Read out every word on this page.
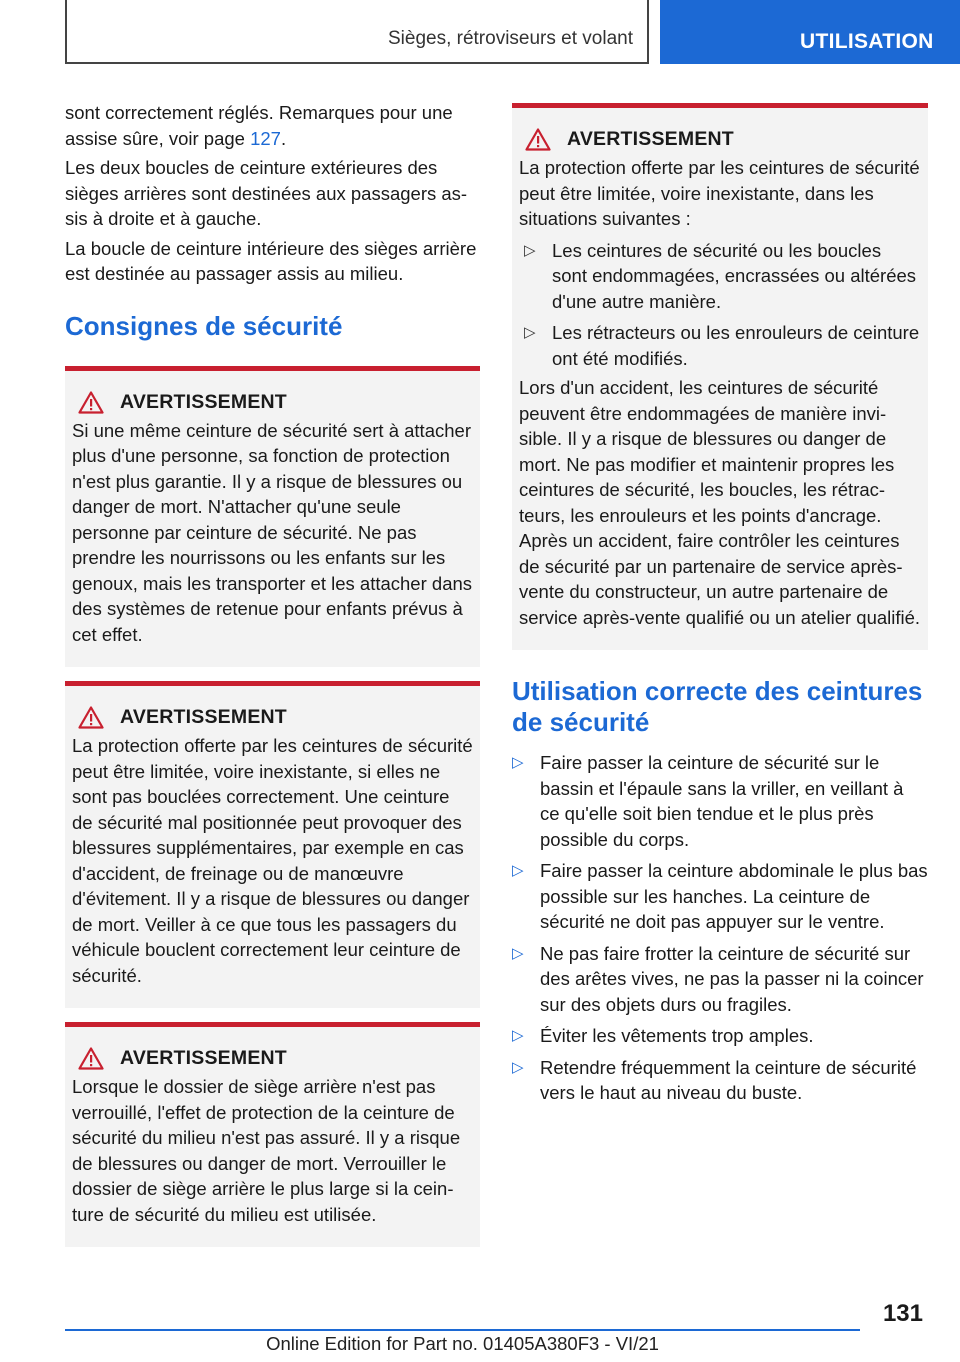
Sièges, rétroviseurs et volant	UTILISATION

sont correctement réglés. Remarques pour une assise sûre, voir page 127.

Les deux boucles de ceinture extérieures des sièges arrières sont destinées aux passagers assis à droite et à gauche.

La boucle de ceinture intérieure des sièges arrière est destinée au passager assis au milieu.

Consignes de sécurité
AVERTISSEMENT

Si une même ceinture de sécurité sert à attacher plus d'une personne, sa fonction de protection n'est plus garantie. Il y a risque de blessures ou danger de mort. N'attacher qu'une seule personne par ceinture de sécurité. Ne pas prendre les nourrissons ou les enfants sur les genoux, mais les transporter et les attacher dans des systèmes de retenue pour enfants prévus à cet effet.

AVERTISSEMENT

La protection offerte par les ceintures de sécurité peut être limitée, voire inexistante, si elles ne sont pas bouclées correctement. Une ceinture de sécurité mal positionnée peut provoquer des blessures supplémentaires, par exemple en cas d'accident, de freinage ou de manœuvre d'évitement. Il y a risque de blessures ou danger de mort. Veiller à ce que tous les passagers du véhicule bouclent correctement leur ceinture de sécurité.

AVERTISSEMENT

Lorsque le dossier de siège arrière n'est pas verrouillé, l'effet de protection de la ceinture de sécurité du milieu n'est pas assuré. Il y a risque de blessures ou danger de mort. Verrouiller le dossier de siège arrière le plus large si la ceinture de sécurité du milieu est utilisée.

AVERTISSEMENT

La protection offerte par les ceintures de sécurité peut être limitée, voire inexistante, dans les situations suivantes :

▷ Les ceintures de sécurité ou les boucles sont endommagées, encrassées ou altérées d'une autre manière.
▷ Les rétracteurs ou les enrouleurs de ceinture ont été modifiés.

Lors d'un accident, les ceintures de sécurité peuvent être endommagées de manière invisible. Il y a risque de blessures ou danger de mort. Ne pas modifier et maintenir propres les ceintures de sécurité, les boucles, les rétracteurs, les enrouleurs et les points d'ancrage. Après un accident, faire contrôler les ceintures de sécurité par un partenaire de service après-vente du constructeur, un autre partenaire de service après-vente qualifié ou un atelier qualifié.

Utilisation correcte des ceintures de sécurité
▷ Faire passer la ceinture de sécurité sur le bassin et l'épaule sans la vriller, en veillant à ce qu'elle soit bien tendue et le plus près possible du corps.
▷ Faire passer la ceinture abdominale le plus bas possible sur les hanches. La ceinture de sécurité ne doit pas appuyer sur le ventre.
▷ Ne pas faire frotter la ceinture de sécurité sur des arêtes vives, ne pas la passer ni la coincer sur des objets durs ou fragiles.
▷ Éviter les vêtements trop amples.
▷ Retendre fréquemment la ceinture de sécurité vers le haut au niveau du buste.
131
Online Edition for Part no. 01405A380F3 - VI/21
